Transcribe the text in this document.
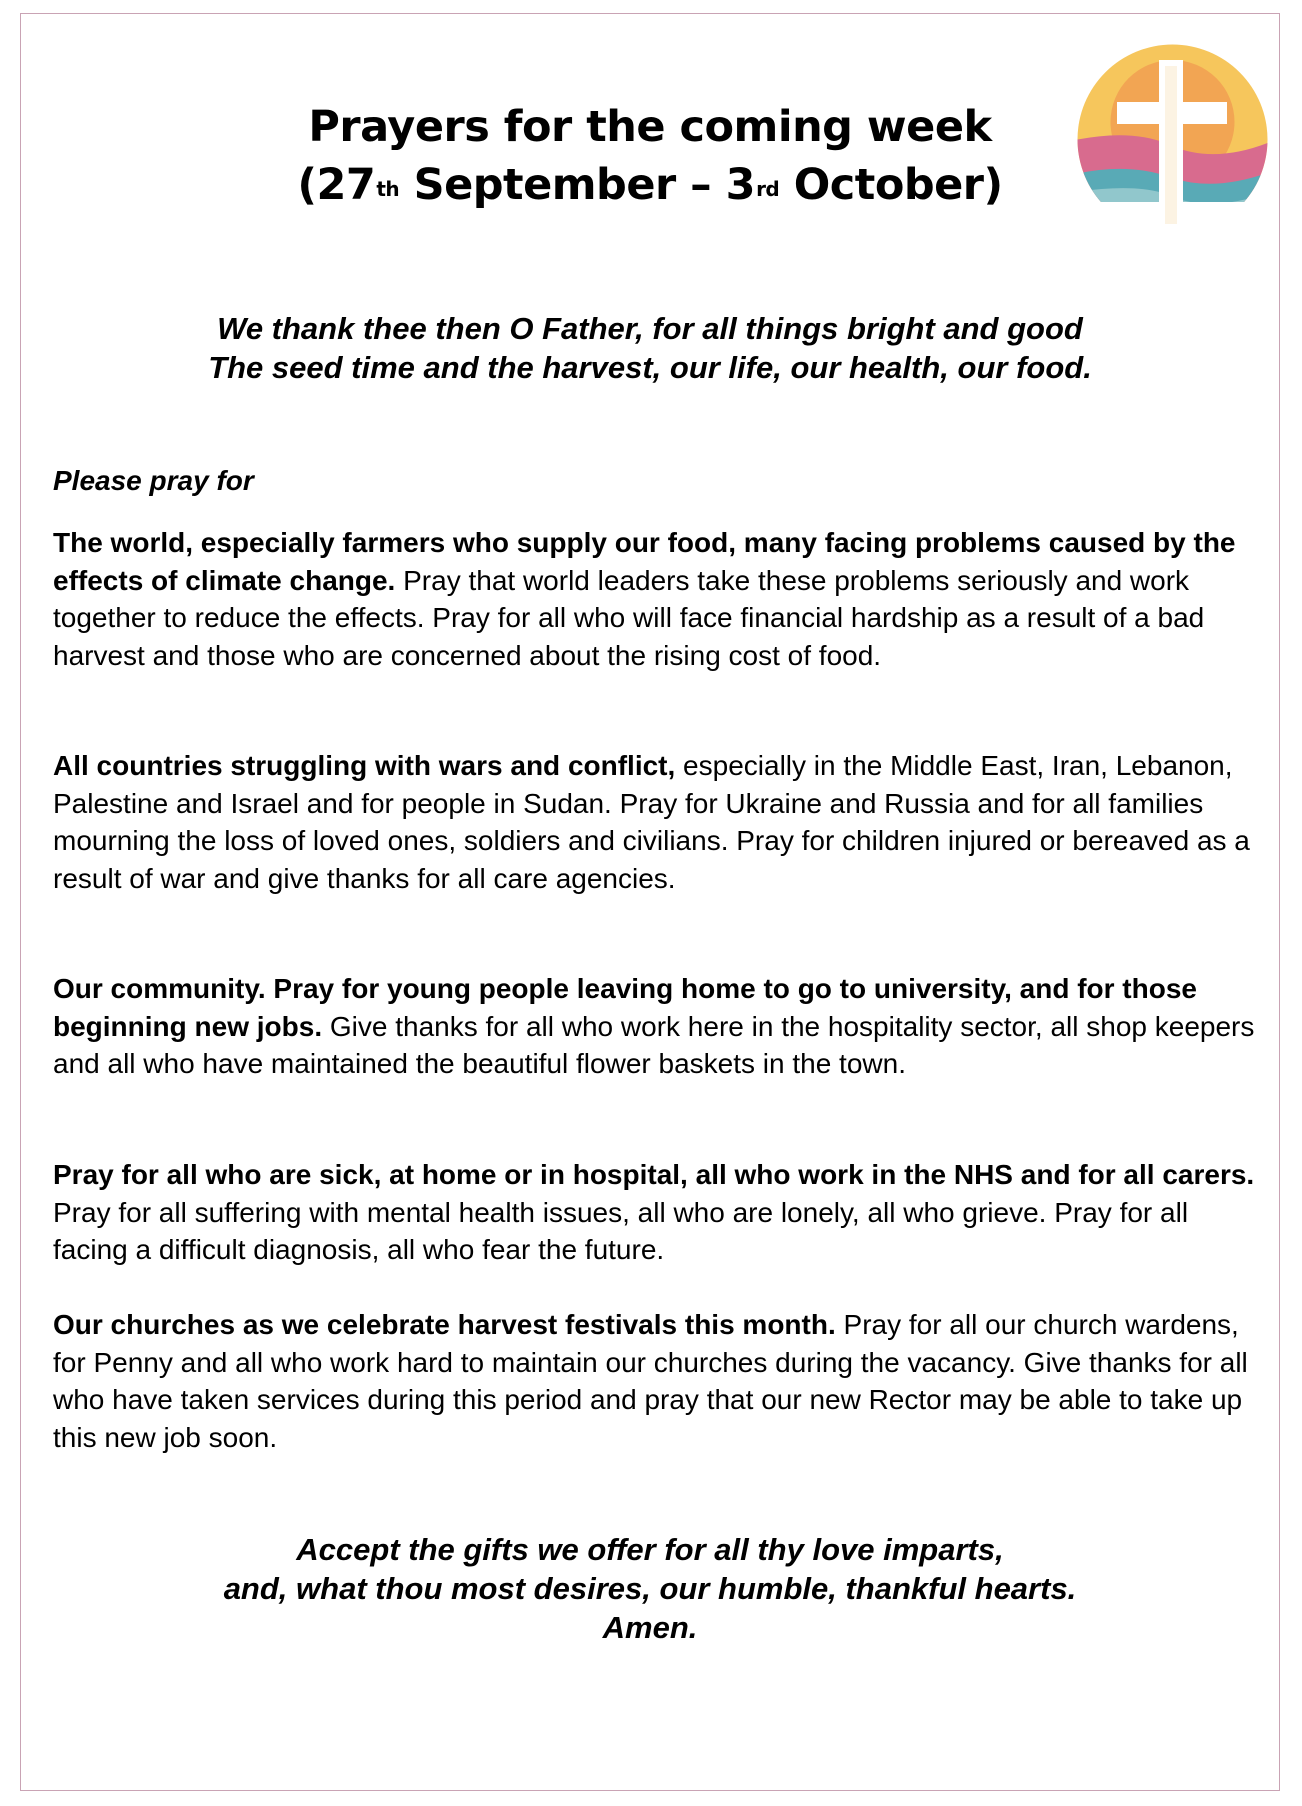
Prayers for the coming week
(27th September – 3rd October)
We thank thee then O Father, for all things bright and good
The seed time and the harvest, our life, our health, our food.
Please pray for
The world, especially farmers who supply our food, many facing problems caused by the effects of climate change. Pray that world leaders take these problems seriously and work together to reduce the effects. Pray for all who will face financial hardship as a result of a bad harvest and those who are concerned about the rising cost of food.
All countries struggling with wars and conflict, especially in the Middle East, Iran, Lebanon, Palestine and Israel and for people in Sudan. Pray for Ukraine and Russia and for all families mourning the loss of loved ones, soldiers and civilians. Pray for children injured or bereaved as a result of war and give thanks for all care agencies.
Our community. Pray for young people leaving home to go to university, and for those beginning new jobs. Give thanks for all who work here in the hospitality sector, all shop keepers and all who have maintained the beautiful flower baskets in the town.
Pray for all who are sick, at home or in hospital, all who work in the NHS and for all carers. Pray for all suffering with mental health issues, all who are lonely, all who grieve. Pray for all facing a difficult diagnosis, all who fear the future.
Our churches as we celebrate harvest festivals this month. Pray for all our church wardens, for Penny and all who work hard to maintain our churches during the vacancy. Give thanks for all who have taken services during this period and pray that our new Rector may be able to take up this new job soon.
Accept the gifts we offer for all thy love imparts,
and, what thou most desires, our humble, thankful hearts.
Amen.
